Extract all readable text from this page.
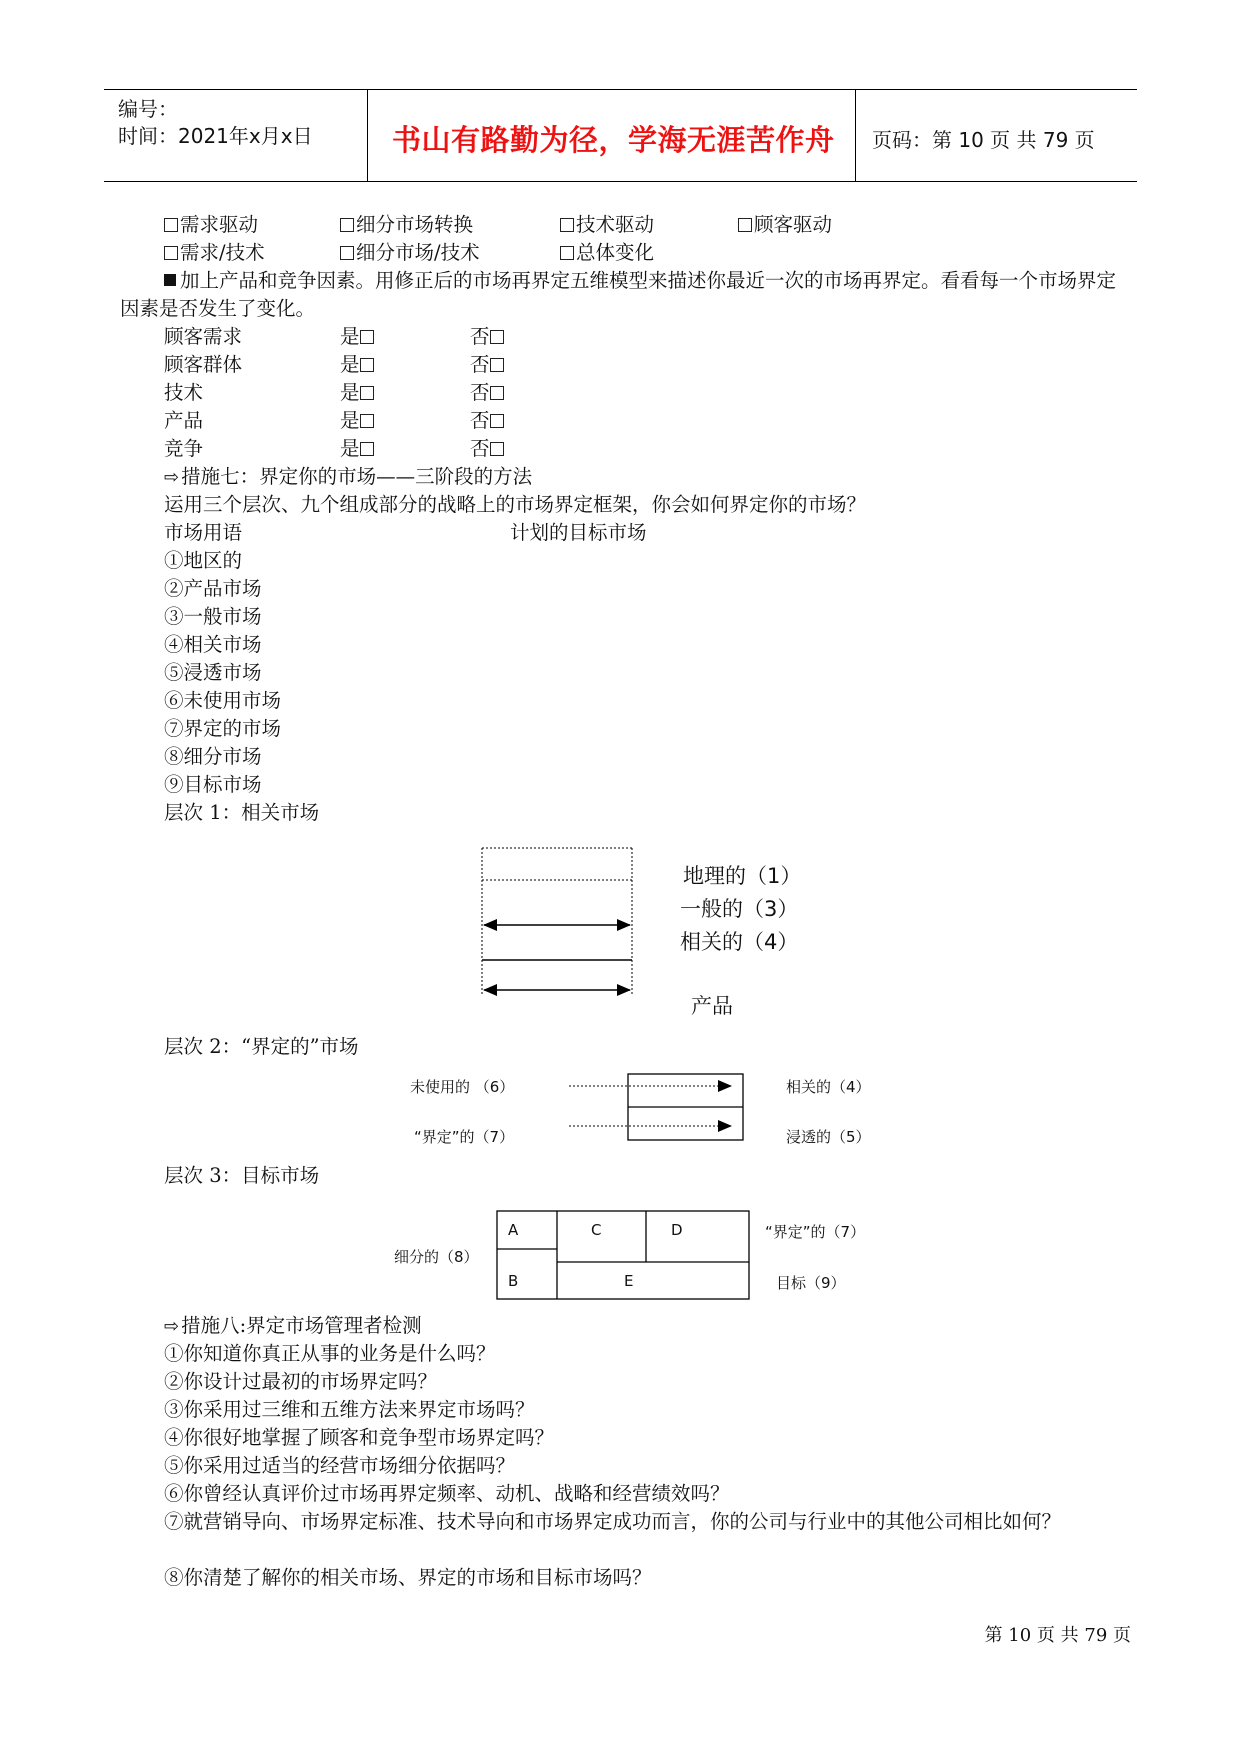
编号：
时间：2021年x月x日	书山有路勤为径，学海无涯苦作舟 页码：第 10 页 共 79 页
需求驱动	细分市场转换	技术驱动	顾客驱动
需求/技术	细分市场/技术	总体变化
加上产品和竞争因素。用修正后的市场再界定五维模型来描述你最近一次的市场再界定。看看每一个市场界定因素是否发生了变化。
顾客需求	是	否
顾客群体	是	否
技术	是	否
产品	是	否
竞争	是	否
⇨ 措施七：界定你的市场——三阶段的方法
运用三个层次、九个组成部分的战略上的市场界定框架，你会如何界定你的市场？
市场用语	计划的目标市场
①地区的
②产品市场
③一般市场
④相关市场
⑤浸透市场
⑥未使用市场
⑦界定的市场
⑧细分市场
⑨目标市场
层次 1：相关市场
地理的（1）
一般的（3）
相关的（4）
产品
层次 2：“界定的”市场
未使用的 （6）
“界定”的（7）
相关的（4）
浸透的（5）
层次 3：目标市场
A	C	D
B	E
细分的（8）
“界定”的（7）
目标（9）
⇨ 措施八:界定市场管理者检测
①你知道你真正从事的业务是什么吗？
②你设计过最初的市场界定吗？
③你采用过三维和五维方法来界定市场吗？
④你很好地掌握了顾客和竞争型市场界定吗？
⑤你采用过适当的经营市场细分依据吗？
⑥你曾经认真评价过市场再界定频率、动机、战略和经营绩效吗？
⑦就营销导向、市场界定标准、技术导向和市场界定成功而言，你的公司与行业中的其他公司相比如何？
⑧你清楚了解你的相关市场、界定的市场和目标市场吗？
第 10 页 共 79 页
